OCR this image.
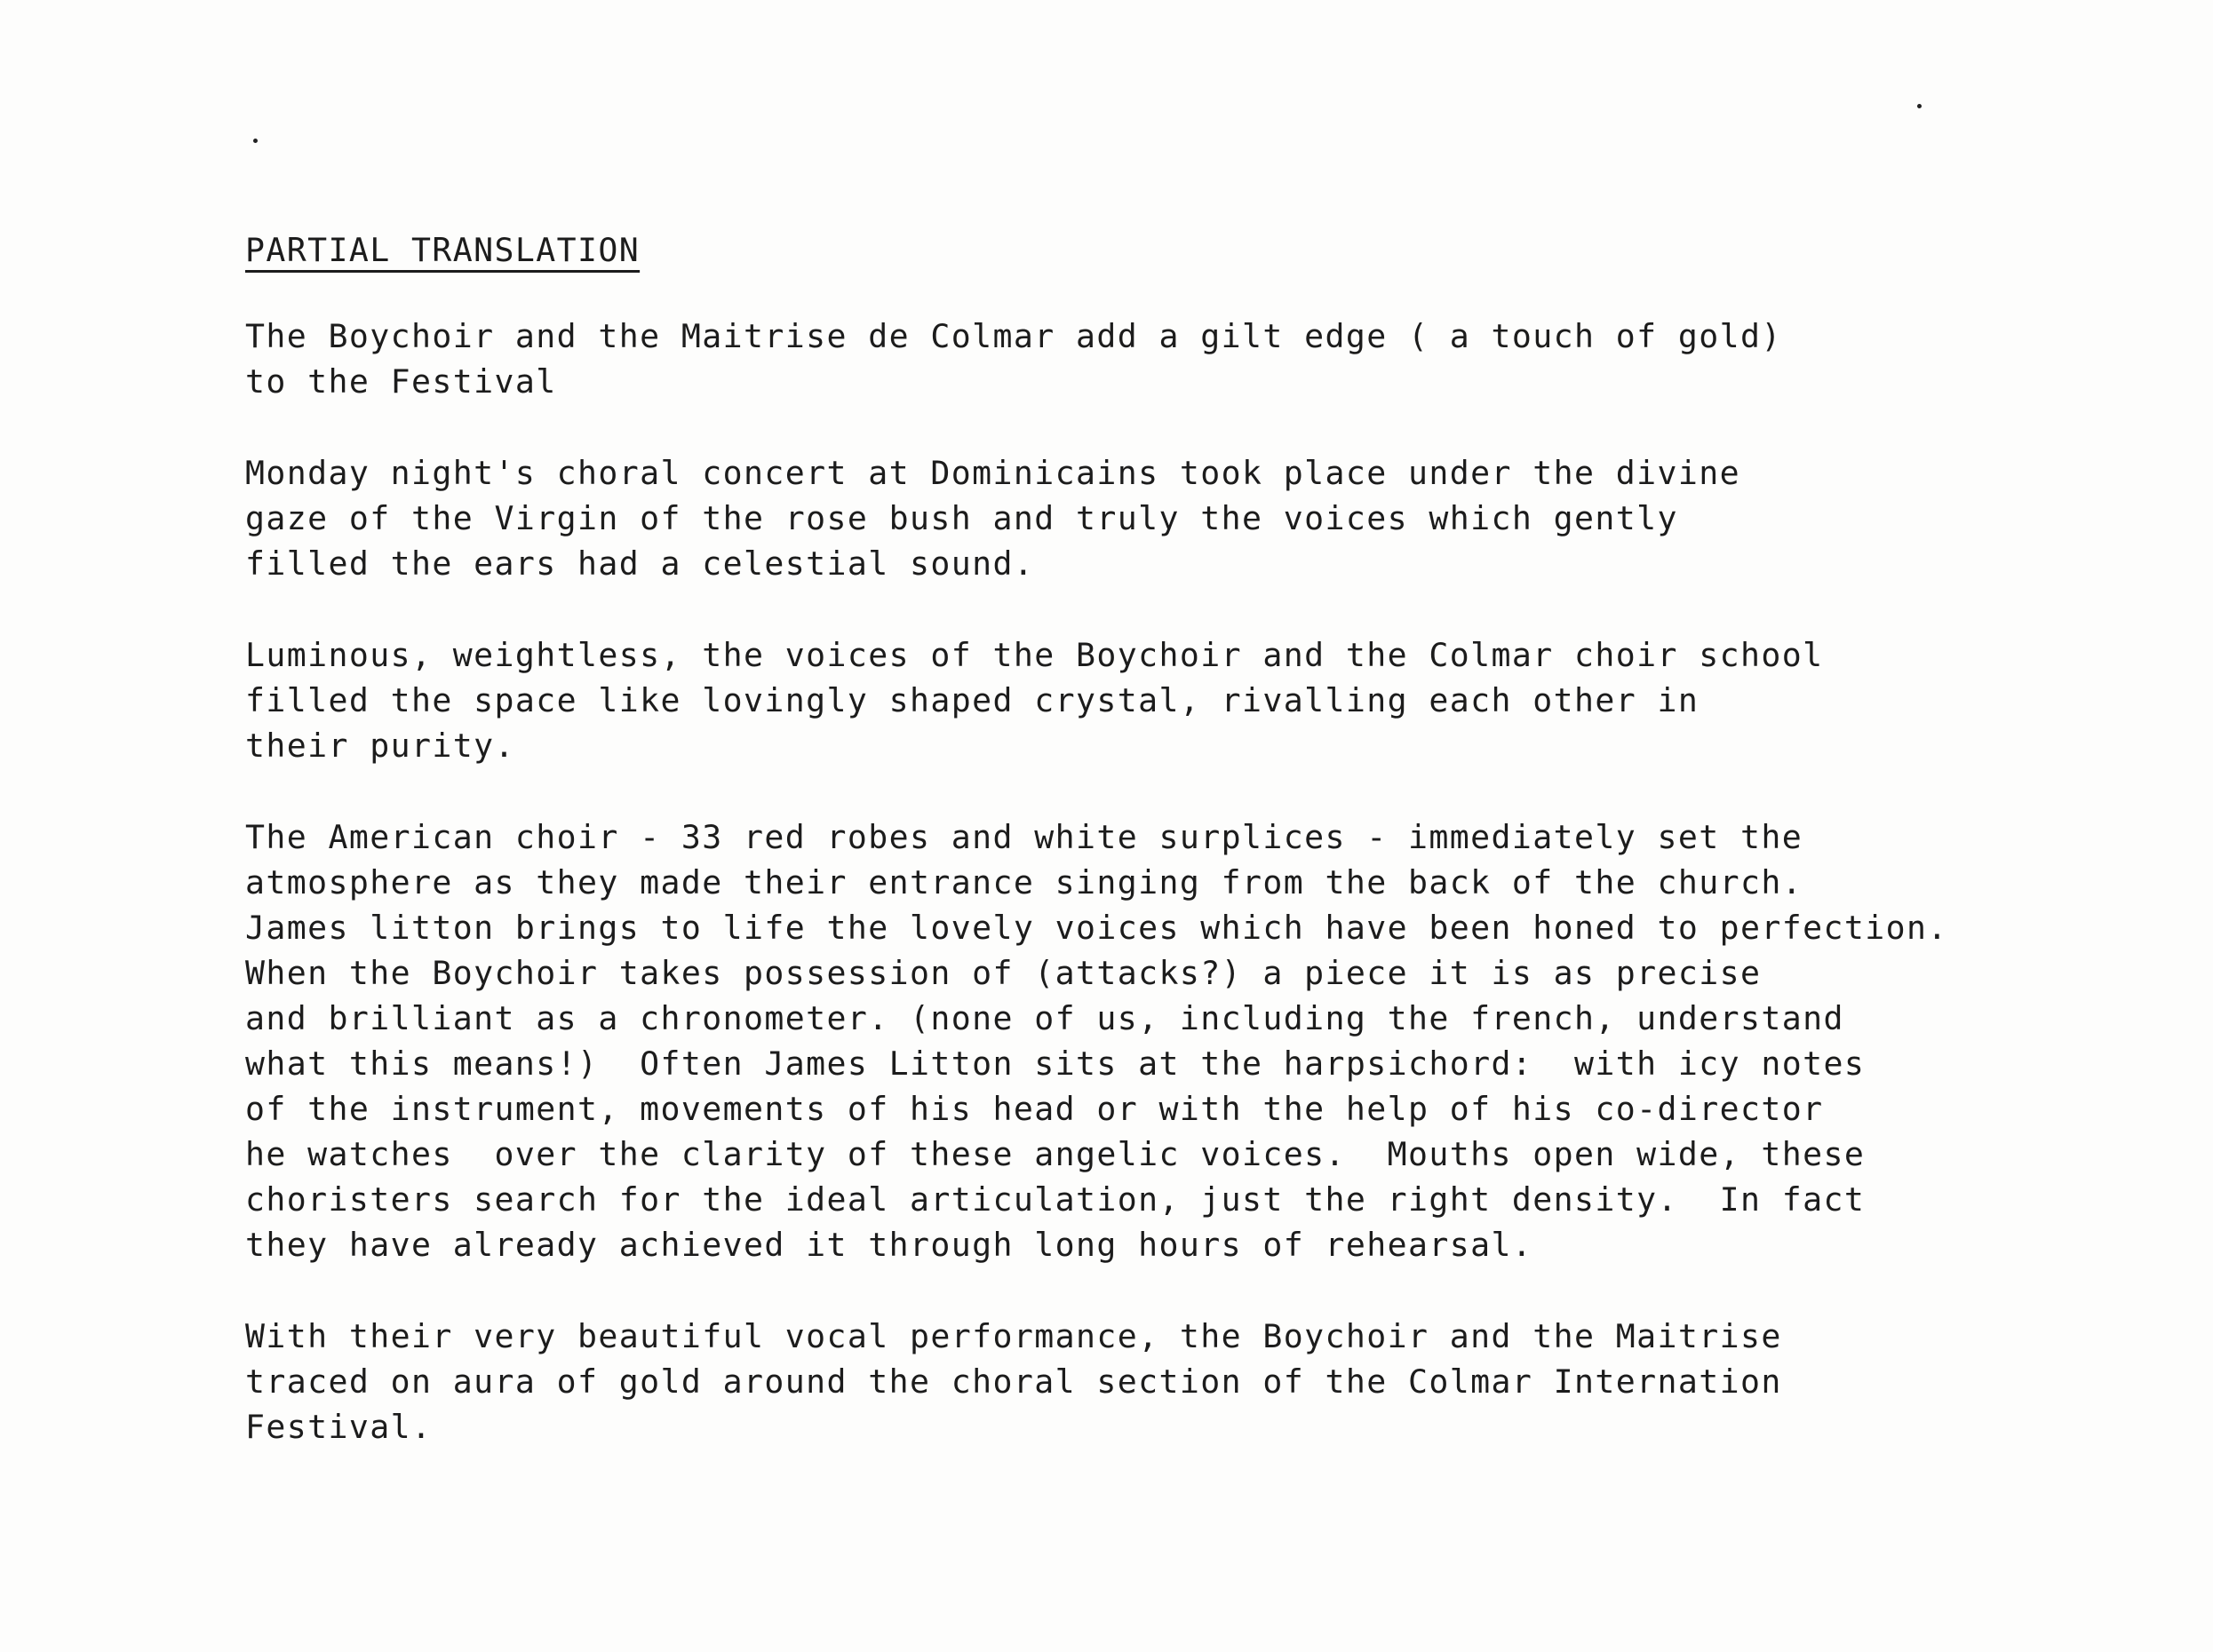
PARTIAL TRANSLATION
The Boychoir and the Maitrise de Colmar add a gilt edge ( a touch of gold)
to the Festival
Monday night's choral concert at Dominicains took place under the divine
gaze of the Virgin of the rose bush and truly the voices which gently
filled the ears had a celestial sound.
Luminous, weightless, the voices of the Boychoir and the Colmar choir school
filled the space like lovingly shaped crystal, rivalling each other in
their purity.
The American choir - 33 red robes and white surplices - immediately set the
atmosphere as they made their entrance singing from the back of the church.
James litton brings to life the lovely voices which have been honed to perfection.
When the Boychoir takes possession of (attacks?) a piece it is as precise
and brilliant as a chronometer. (none of us, including the french, understand
what this means!)  Often James Litton sits at the harpsichord:  with icy notes
of the instrument, movements of his head or with the help of his co-director
he watches  over the clarity of these angelic voices.  Mouths open wide, these
choristers search for the ideal articulation, just the right density.  In fact
they have already achieved it through long hours of rehearsal.
With their very beautiful vocal performance, the Boychoir and the Maitrise
traced on aura of gold around the choral section of the Colmar Internation
Festival.
